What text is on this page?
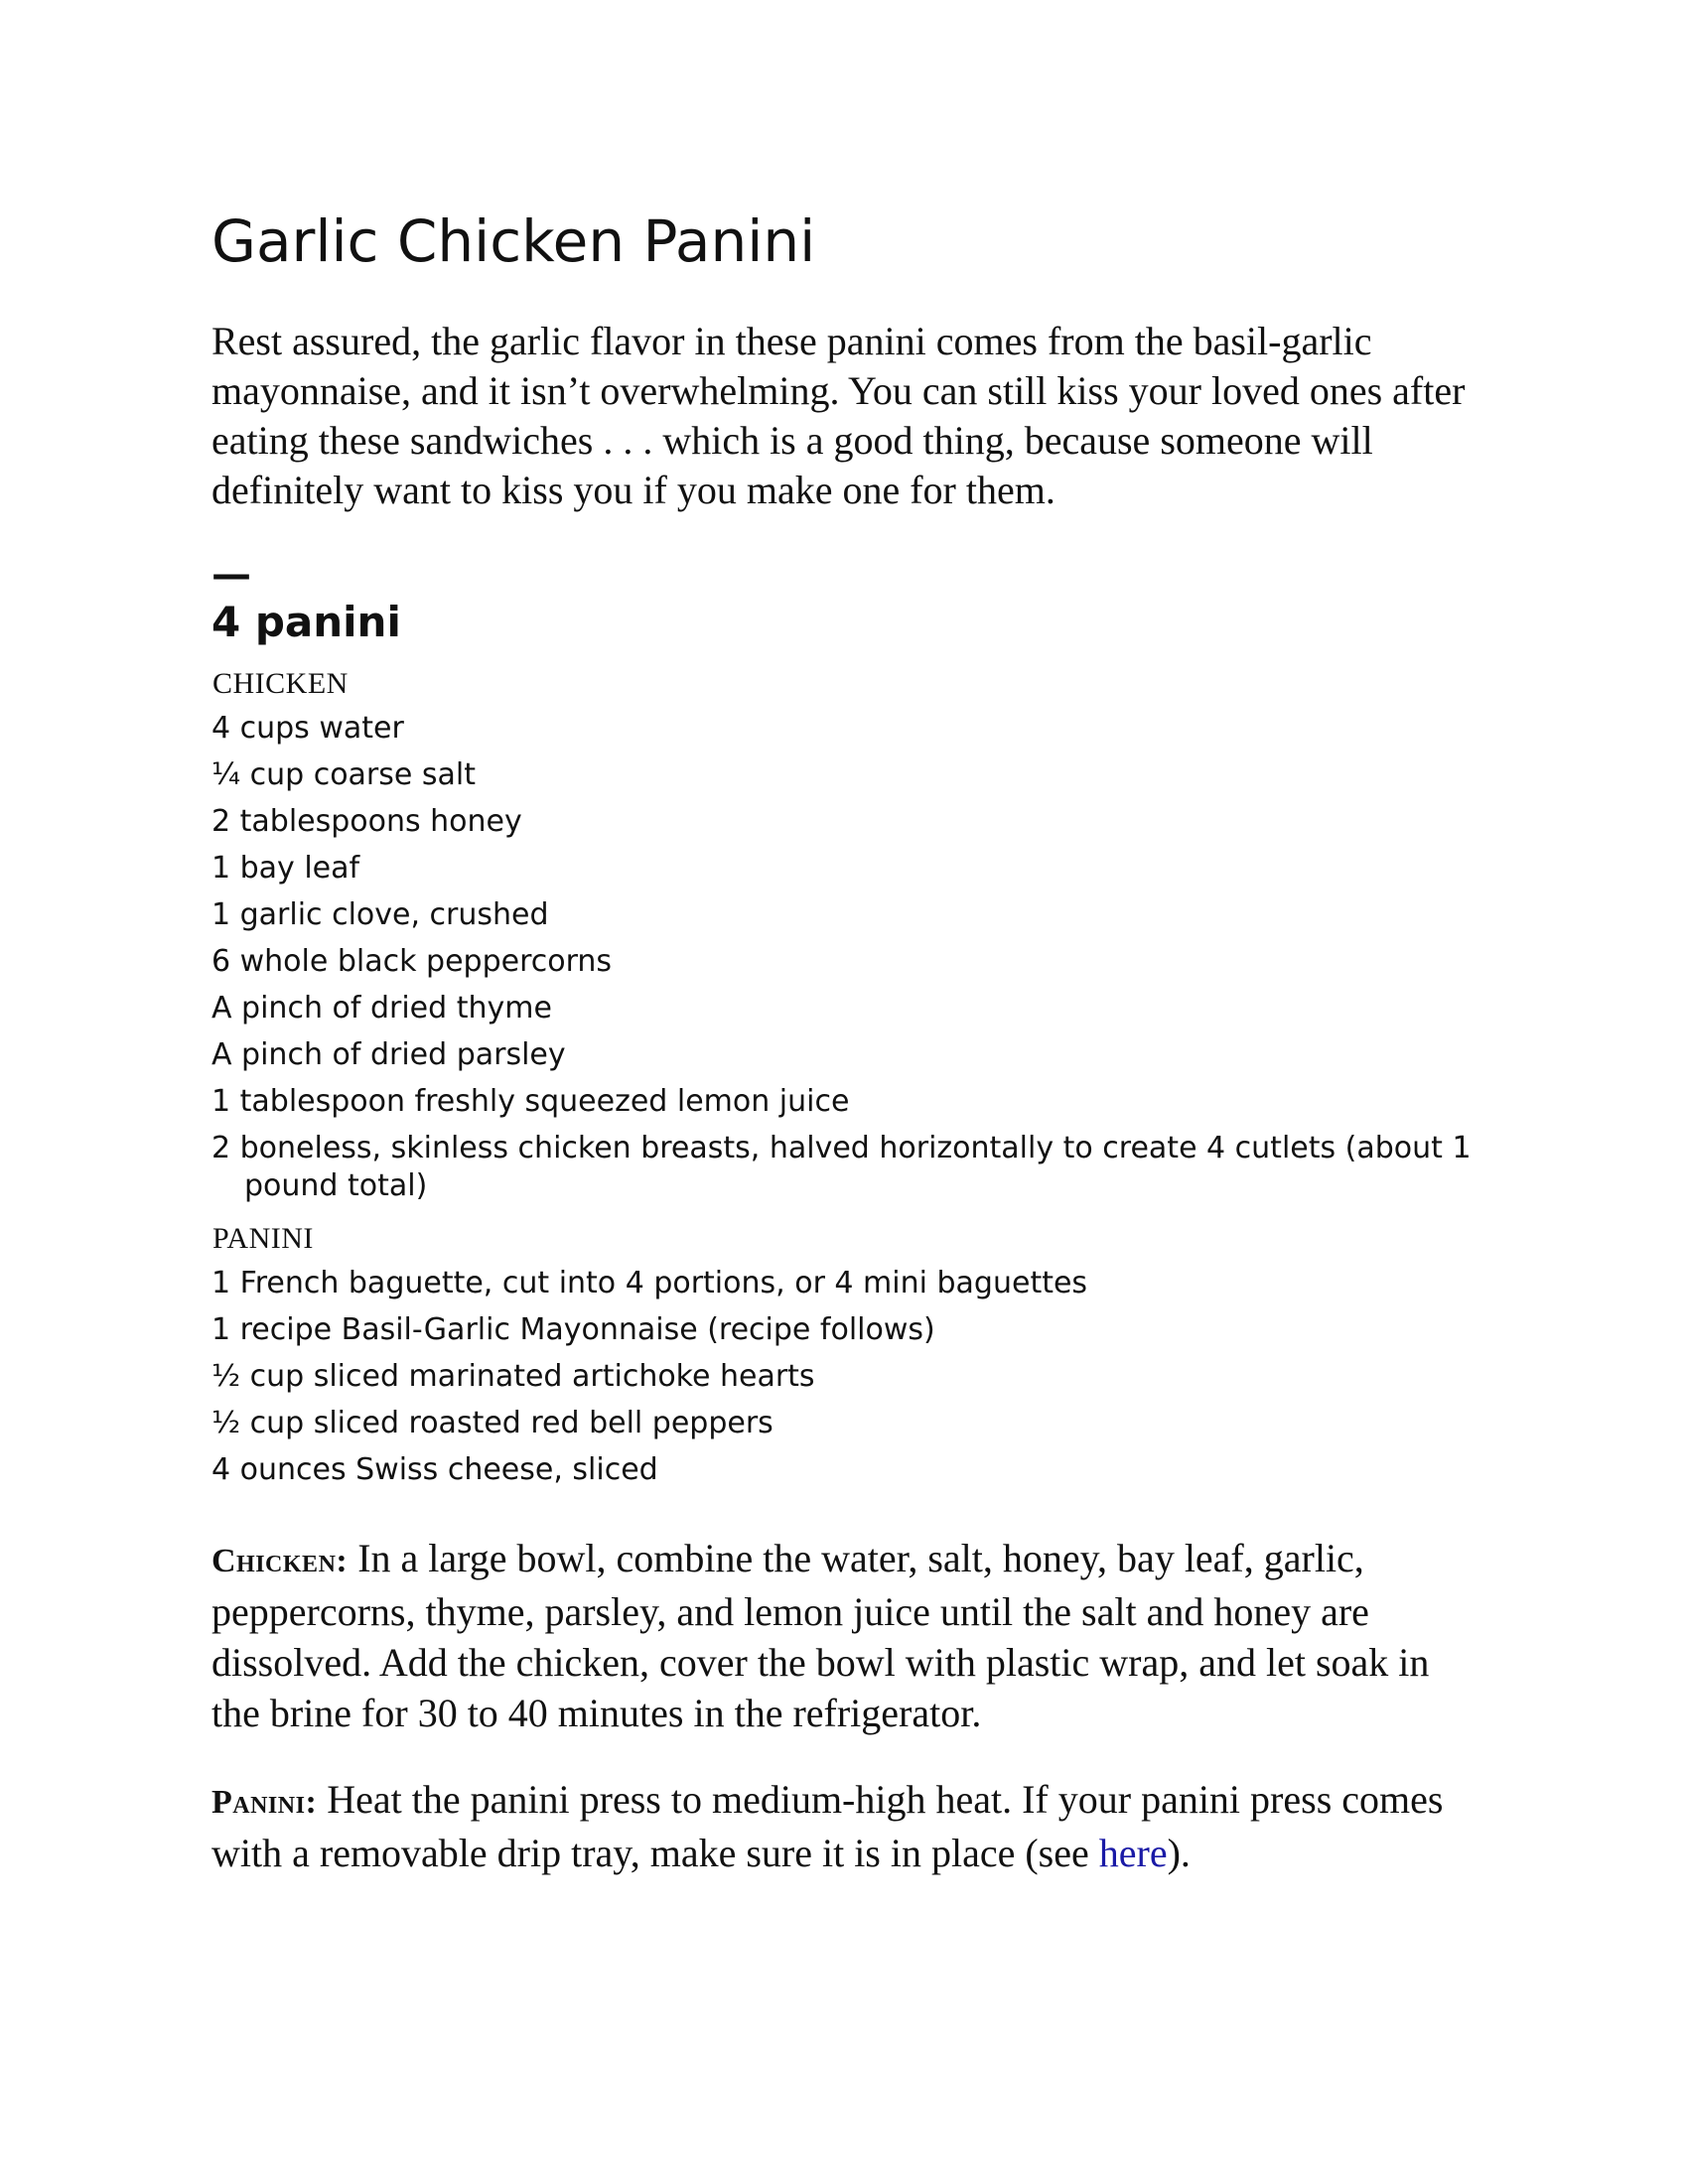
Garlic Chicken Panini

Rest assured, the garlic flavor in these panini comes from the basil-garlic mayonnaise, and it isn’t overwhelming. You can still kiss your loved ones after eating these sandwiches . . . which is a good thing, because someone will definitely want to kiss you if you make one for them.

—
4 panini
CHICKEN
4 cups water
¼ cup coarse salt
2 tablespoons honey
1 bay leaf
1 garlic clove, crushed
6 whole black peppercorns
A pinch of dried thyme
A pinch of dried parsley
1 tablespoon freshly squeezed lemon juice
2 boneless, skinless chicken breasts, halved horizontally to create 4 cutlets (about 1 pound total)
PANINI
1 French baguette, cut into 4 portions, or 4 mini baguettes
1 recipe Basil-Garlic Mayonnaise (recipe follows)
½ cup sliced marinated artichoke hearts
½ cup sliced roasted red bell peppers
4 ounces Swiss cheese, sliced

Chicken: In a large bowl, combine the water, salt, honey, bay leaf, garlic, peppercorns, thyme, parsley, and lemon juice until the salt and honey are dissolved. Add the chicken, cover the bowl with plastic wrap, and let soak in the brine for 30 to 40 minutes in the refrigerator.

Panini: Heat the panini press to medium-high heat. If your panini press comes with a removable drip tray, make sure it is in place (see here).
